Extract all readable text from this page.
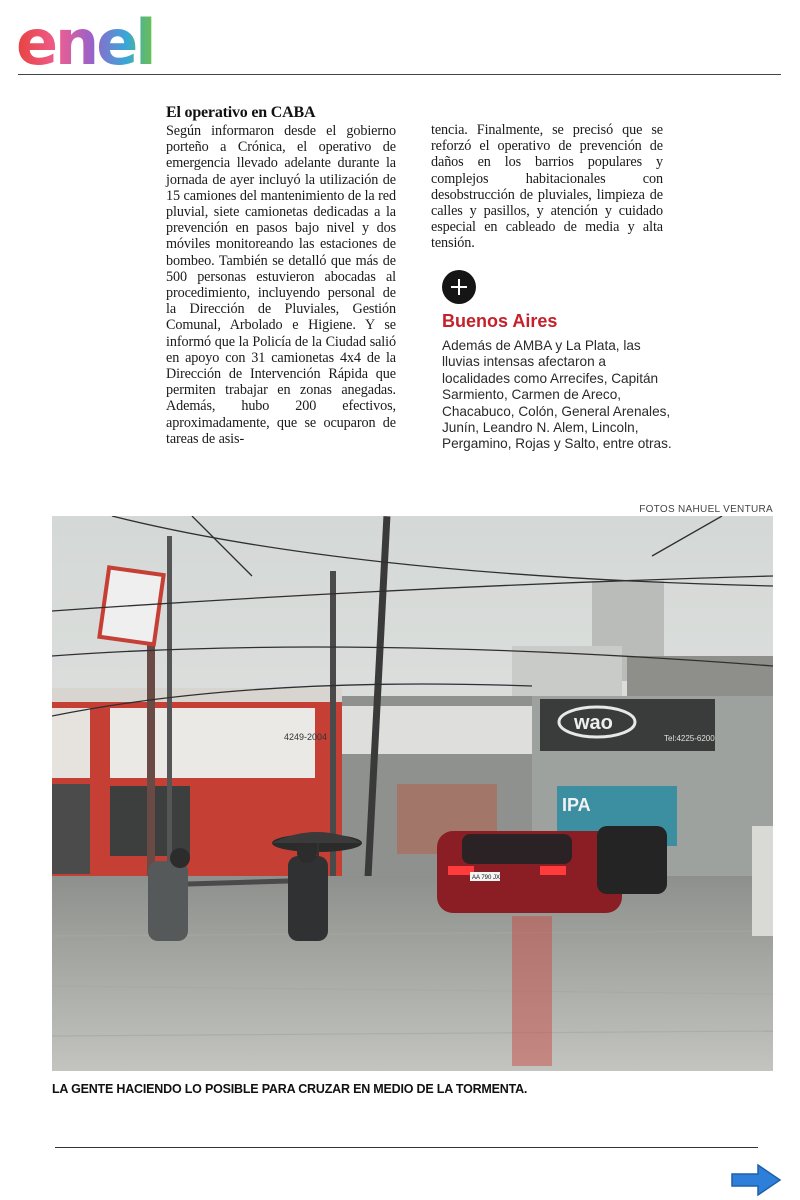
enel
El operativo en CABA

Según informaron desde el gobierno porteño a Crónica, el operativo de emergencia llevado adelante durante la jornada de ayer incluyó la utilización de 15 camiones del mantenimiento de la red pluvial, siete camionetas dedicadas a la prevención en pasos bajo nivel y dos móviles monitoreando las estaciones de bombeo. También se detalló que más de 500 personas estuvieron abocadas al procedimiento, incluyendo personal de la Dirección de Pluviales, Gestión Comunal, Arbolado e Higiene. Y se informó que la Policía de la Ciudad salió en apoyo con 31 camionetas 4x4 de la Dirección de Intervención Rápida que permiten trabajar en zonas anegadas. Además, hubo 200 efectivos, aproximadamente, que se ocuparon de tareas de asis-

tencia. Finalmente, se precisó que se reforzó el operativo de prevención de daños en los barrios populares y complejos habitacionales con desobstrucción de pluviales, limpieza de calles y pasillos, y atención y cuidado especial en cableado de media y alta tensión.

Buenos Aires

Además de AMBA y La Plata, las lluvias intensas afectaron a localidades como Arrecifes, Capitán Sarmiento, Carmen de Areco, Chacabuco, Colón, General Arenales, Junín, Leandro N. Alem, Lincoln, Pergamino, Rojas y Salto, entre otras.

FOTOS NAHUEL VENTURA

4249-2004
wao
Tel:4225-6200
IPA
AA 790 JX

LA GENTE HACIENDO LO POSIBLE PARA CRUZAR EN MEDIO DE LA TORMENTA.
